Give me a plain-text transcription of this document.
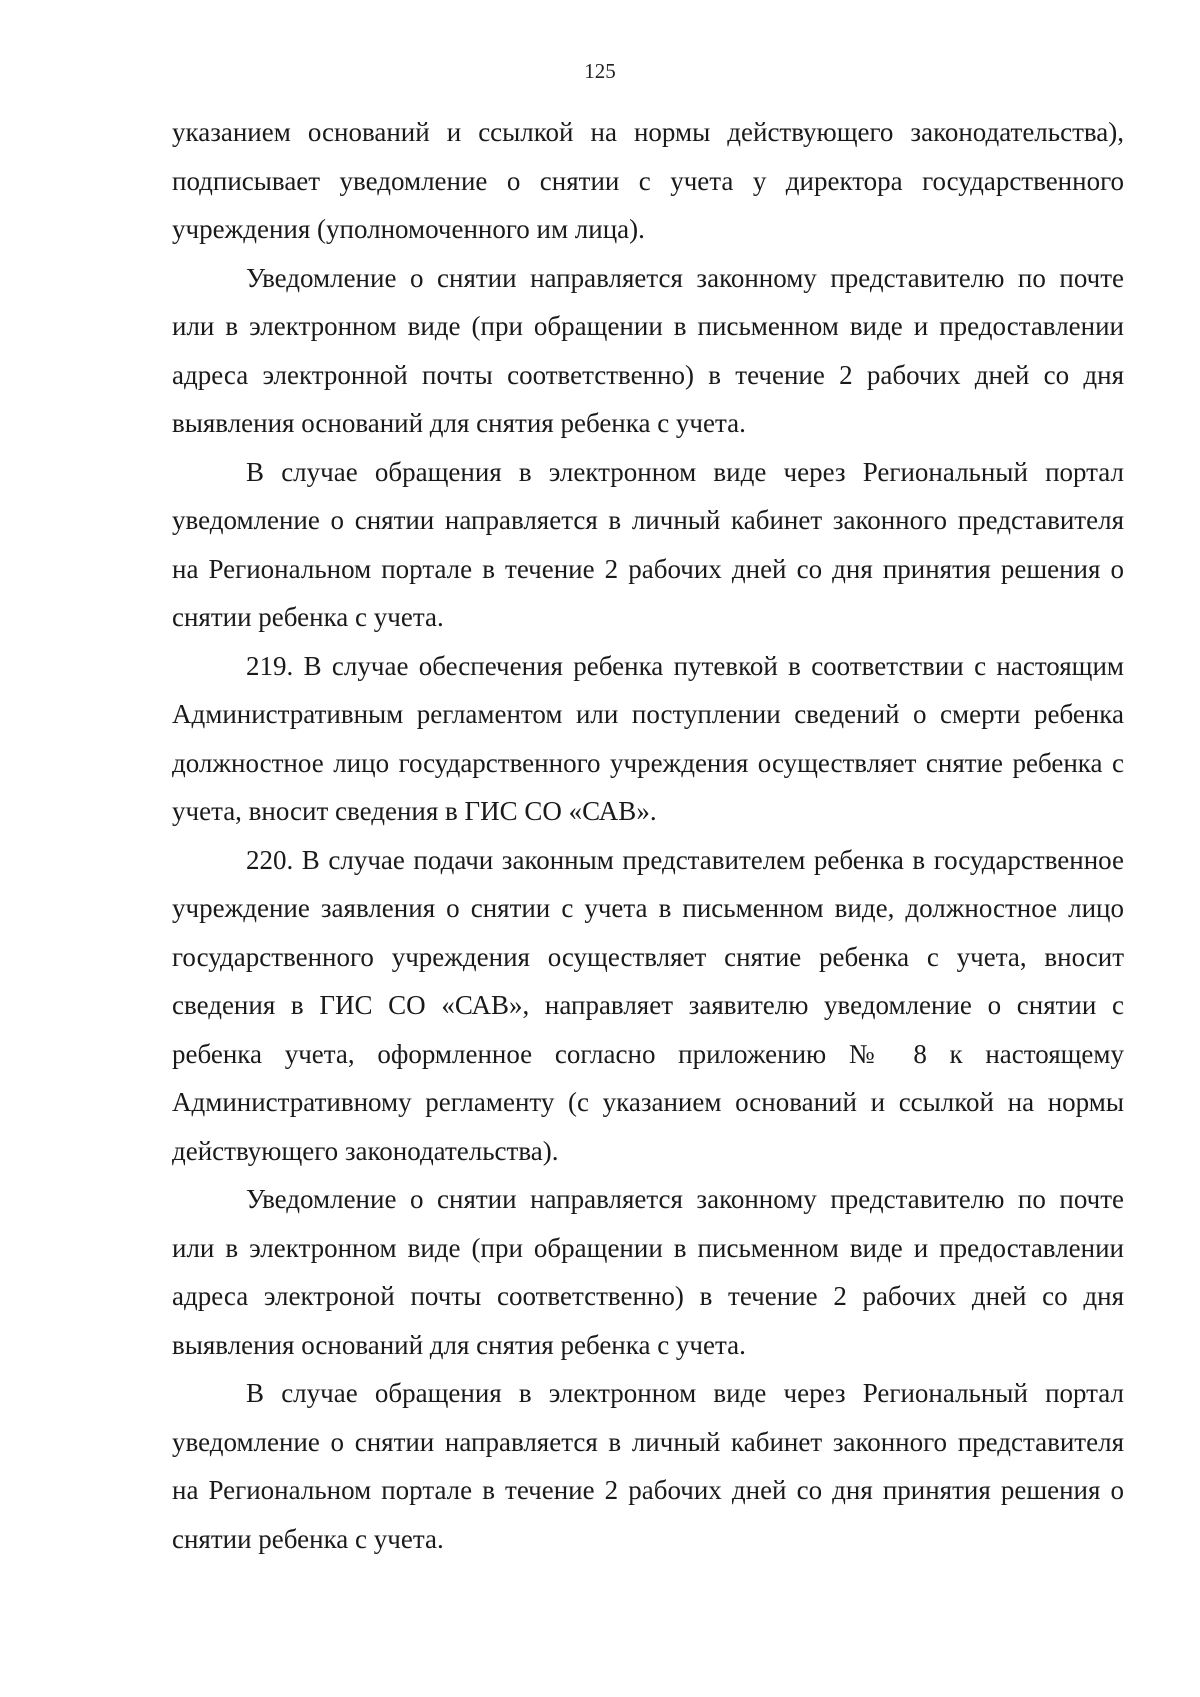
125

указанием оснований и ссылкой на нормы действующего законодательства), подписывает уведомление о снятии с учета у директора государственного учреждения (уполномоченного им лица).

Уведомление о снятии направляется законному представителю по почте или в электронном виде (при обращении в письменном виде и предоставлении адреса электронной почты соответственно) в течение 2 рабочих дней со дня выявления оснований для снятия ребенка с учета.

В случае обращения в электронном виде через Региональный портал уведомление о снятии направляется в личный кабинет законного представителя на Региональном портале в течение 2 рабочих дней со дня принятия решения о снятии ребенка с учета.

219. В случае обеспечения ребенка путевкой в соответствии с настоящим Административным регламентом или поступлении сведений о смерти ребенка должностное лицо государственного учреждения осуществляет снятие ребенка с учета, вносит сведения в ГИС СО «САВ».

220. В случае подачи законным представителем ребенка в государственное учреждение заявления о снятии с учета в письменном виде, должностное лицо государственного учреждения осуществляет снятие ребенка с учета, вносит сведения в ГИС СО «САВ», направляет заявителю уведомление о снятии с ребенка учета, оформленное согласно приложению № 8 к настоящему Административному регламенту (с указанием оснований и ссылкой на нормы действующего законодательства).

Уведомление о снятии направляется законному представителю по почте или в электронном виде (при обращении в письменном виде и предоставлении адреса электроной почты соответственно) в течение 2 рабочих дней со дня выявления оснований для снятия ребенка с учета.

В случае обращения в электронном виде через Региональный портал уведомление о снятии направляется в личный кабинет законного представителя на Региональном портале в течение 2 рабочих дней со дня принятия решения о снятии ребенка с учета.
